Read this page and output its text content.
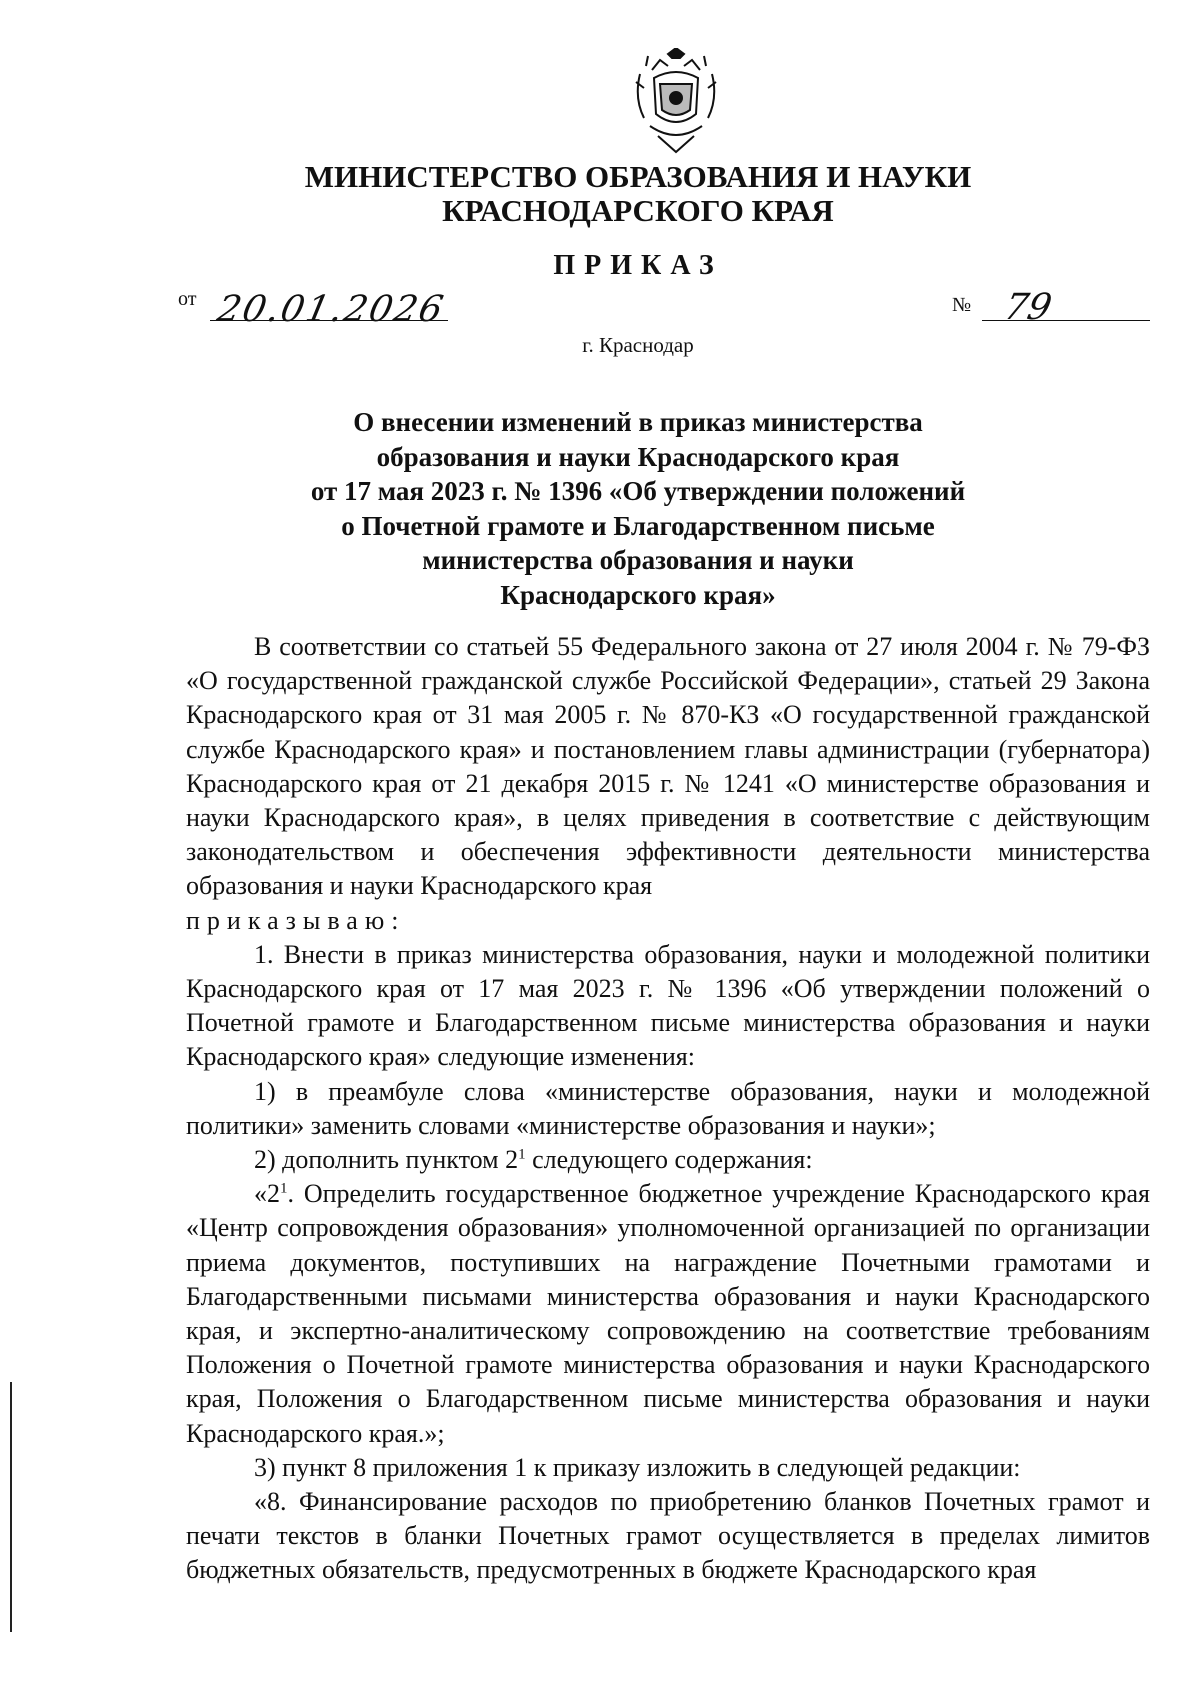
МИНИСТЕРСТВО ОБРАЗОВАНИЯ И НАУКИ
КРАСНОДАРСКОГО КРАЯ
ПРИКАЗ
от 20.01.2026	№ 79
г. Краснодар
О внесении изменений в приказ министерства
образования и науки Краснодарского края
от 17 мая 2023 г. № 1396 «Об утверждении положений
о Почетной грамоте и Благодарственном письме
министерства образования и науки
Краснодарского края»

В соответствии со статьей 55 Федерального закона от 27 июля 2004 г. № 79-ФЗ «О государственной гражданской службе Российской Федерации», статьей 29 Закона Краснодарского края от 31 мая 2005 г. № 870-КЗ «О государственной гражданской службе Краснодарского края» и постановлением главы администрации (губернатора) Краснодарского края от 21 декабря 2015 г. № 1241 «О министерстве образования и науки Краснодарского края», в целях приведения в соответствие с действующим законодательством и обеспечения эффективности деятельности министерства образования и науки Краснодарского края

приказываю:

1. Внести в приказ министерства образования, науки и молодежной политики Краснодарского края от 17 мая 2023 г. № 1396 «Об утверждении положений о Почетной грамоте и Благодарственном письме министерства образования и науки Краснодарского края» следующие изменения:

1) в преамбуле слова «министерстве образования, науки и молодежной политики» заменить словами «министерстве образования и науки»;

2) дополнить пунктом $2^1$ следующего содержания:

«$2^1$. Определить государственное бюджетное учреждение Краснодарского края «Центр сопровождения образования» уполномоченной организацией по организации приема документов, поступивших на награждение Почетными грамотами и Благодарственными письмами министерства образования и науки Краснодарского края, и экспертно-аналитическому сопровождению на соответствие требованиям Положения о Почетной грамоте министерства образования и науки Краснодарского края, Положения о Благодарственном письме министерства образования и науки Краснодарского края.»;

3) пункт 8 приложения 1 к приказу изложить в следующей редакции:

«8. Финансирование расходов по приобретению бланков Почетных грамот и печати текстов в бланки Почетных грамот осуществляется в пределах лимитов бюджетных обязательств, предусмотренных в бюджете Краснодарского края
